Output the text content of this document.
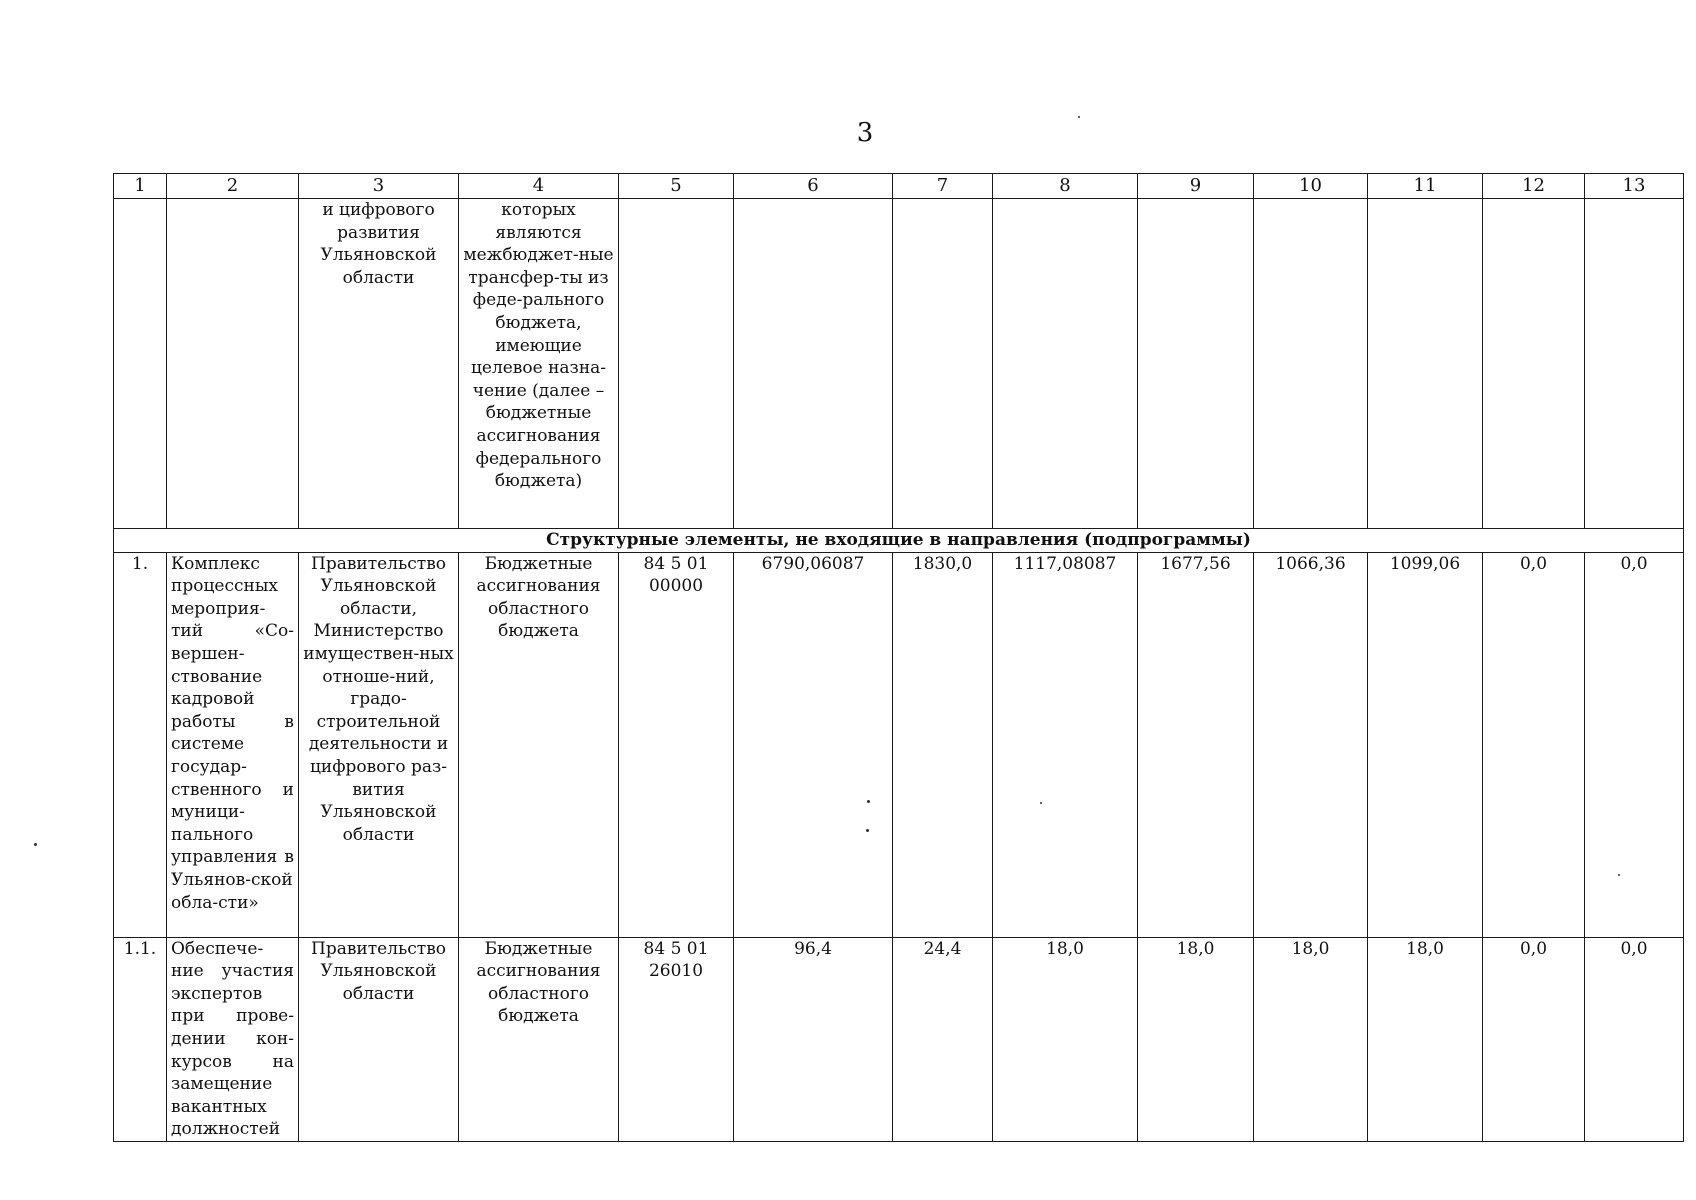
3
1	2	3	4	5	6	7	8	9	10	11	12	13
		и цифрового развития Ульяновской области	которых являются межбюджет-ные трансфер-ты из феде-рального бюджета, имеющие целевое назна-чение (далее – бюджетные ассигнования федерального бюджета)									
Структурные элементы, не входящие в направления (подпрограммы)												
1.	Комплекс процессных мероприя-тий «Со-вершен-ствование кадровой работы в системе государ-ственного и муници-пального управления в Ульянов-ской обла-сти»	Правительство Ульяновской области, Министерство имуществен-ных отноше-ний, градо-строительной деятельности и цифрового раз-вития Ульяновской области	Бюджетные ассигнования областного бюджета	84 5 01 00000	6790,06087	1830,0	1117,08087	1677,56	1066,36	1099,06	0,0	0,0
1.1.	Обеспече-ние участия экспертов при прове-дении кон-курсов на замещение вакантных должностей	Правительство Ульяновской области	Бюджетные ассигнования областного бюджета	84 5 01 26010	96,4	24,4	18,0	18,0	18,0	18,0	0,0	0,0
